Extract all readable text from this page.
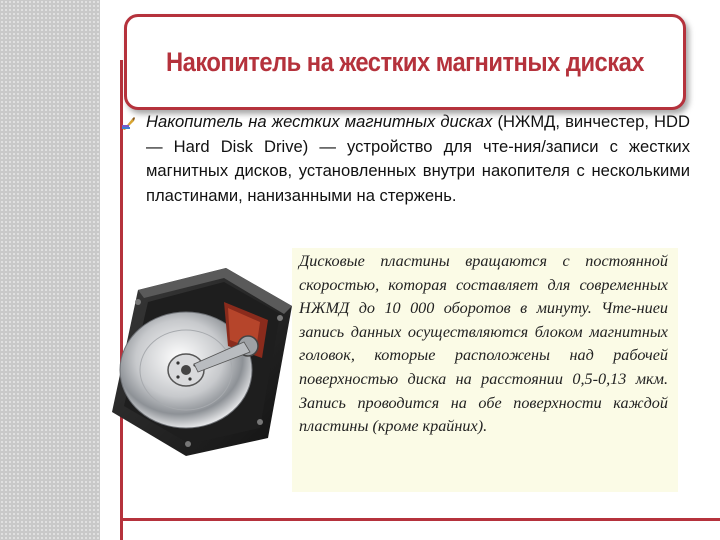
Накопитель на жестких магнитных дисках

Накопитель на жестких магнитных дисках (НЖМД, винчестер, HDD — Hard Disk Drive) — устройство для чте-ния/записи с жестких магнитных дисков, установленных внутри накопителя с несколькими пластинами, нанизанными на стержень.

Дисковые пластины вращаются с постоянной скоростью, которая составляет для современных НЖМД до 10 000 оборотов в минуту. Чте-ниеи запись данных осуществляются блоком магнитных головок, которые расположены над рабочей поверхностью диска на расстоянии 0,5-0,13 мкм. Запись проводится на обе поверхности каждой пластины (кроме крайних).
